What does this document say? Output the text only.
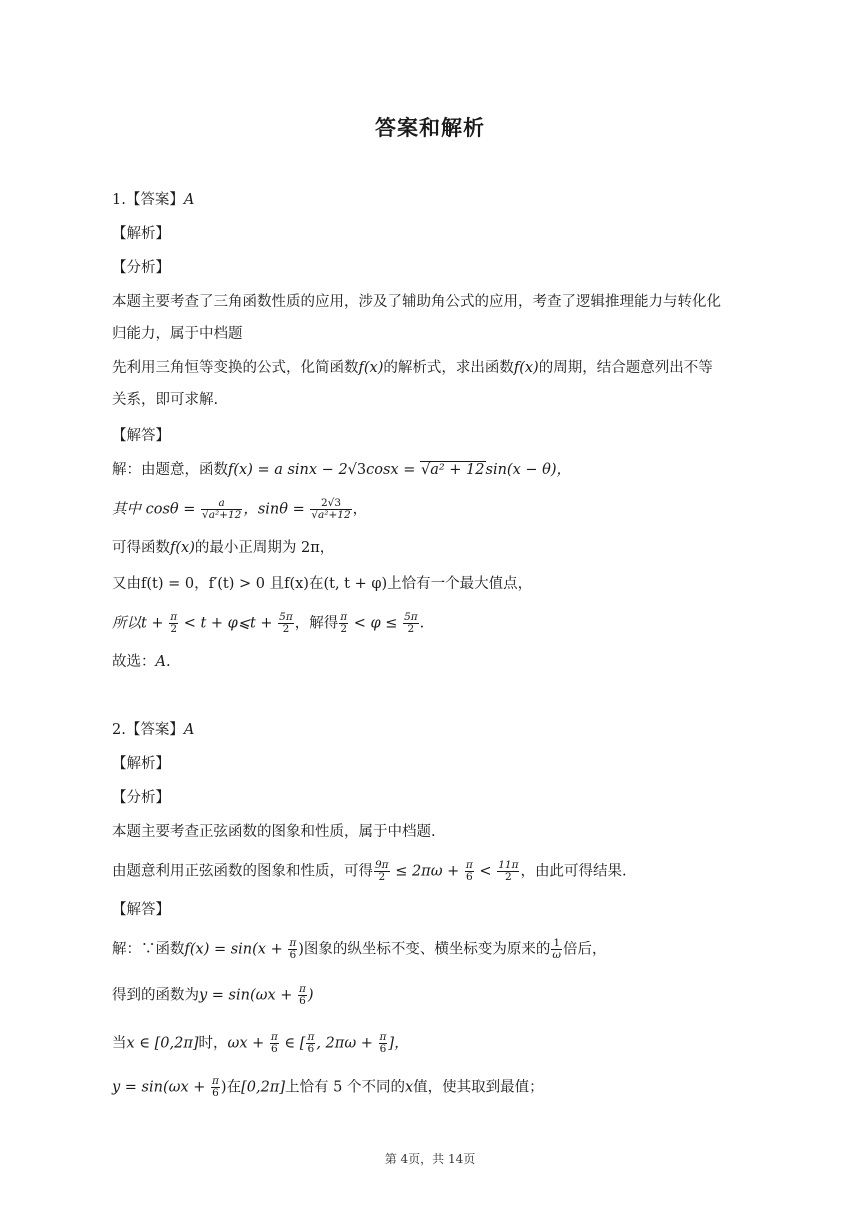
答案和解析
1.【答案】A
【解析】
【分析】
本题主要考查了三角函数性质的应用，涉及了辅助角公式的应用，考查了逻辑推理能力与转化化
归能力，属于中档题
先利用三角恒等变换的公式，化简函数f(x)的解析式，求出函数f(x)的周期，结合题意列出不等
关系，即可求解.
【解答】
解：由题意，函数f(x) = a sinx − 2√3cosx = √a² + 12sin(x − θ)，
其中 $\cos\theta = \frac{a}{\text{√a²+12}}$ ，$\sin\theta = \frac{2√3}{\text{√a²+12}}$ ，
可得函数f(x)的最小正周期为 2π，
又由f(t) = 0，f′(t) > 0 且f(x)在(t, t + φ)上恰有一个最大值点，
所以$t + \frac{\pi}{2} < t$ + φ⩽t + $\frac{5\pi}{2}$ ，解得 $\frac{\pi}{2} < \varphi \le \frac{5\pi}{2}$ .
故选：A.
2.【答案】A
【解析】
【分析】
本题主要考查正弦函数的图象和性质，属于中档题.
由题意利用正弦函数的图象和性质，可得 $\frac{9\pi}{2} \le 2\pi\omega + \frac{\pi}{6} < \frac{11\pi}{2}$ ，由此可得结果.
【解答】
解：∵函数$f(x) = \sin(x + \frac{\pi}{6}$ )图象的纵坐标不变、横坐标变为原来的 $\frac{1}{\omega}$ 倍后，
得到的函数为$y = \sin(\omega x + \frac{\pi}{6}$ )
当x ∈ [0,2π]时，$\omega x + \frac{\pi}{6}$ ∈ [ $\frac{\pi}{6}$ , $2\pi\omega + \frac{\pi}{6}$ ]，
$y = \sin(\omega x + \frac{\pi}{6}$ )在[0,2π]上恰有 5 个不同的x值，使其取到最值；
第 4页，共 14页
